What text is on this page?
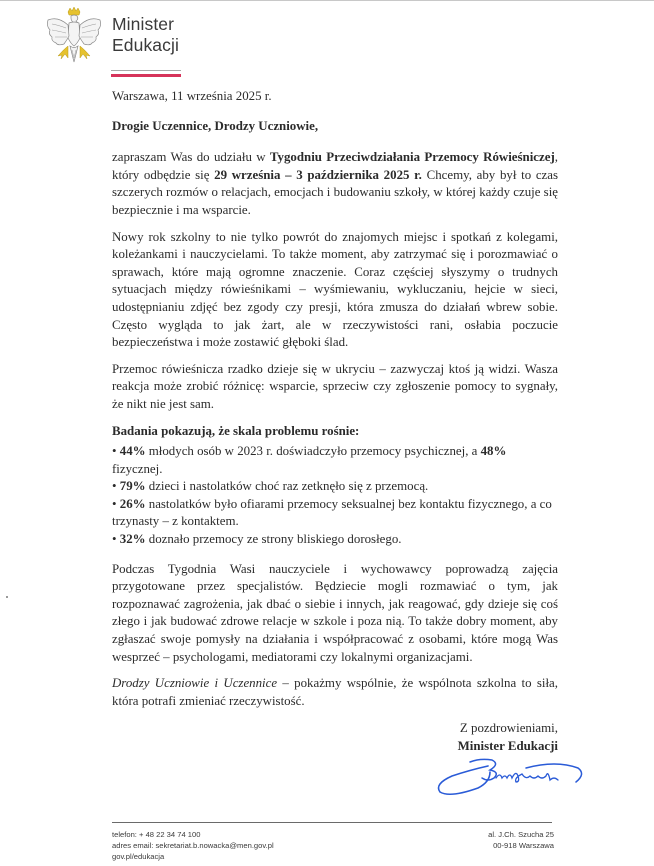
Minister
Edukacji

Warszawa, 11 września 2025 r.

Drogie Uczennice, Drodzy Uczniowie,

zapraszam Was do udziału w Tygodniu Przeciwdziałania Przemocy Rówieśniczej, który odbędzie się 29 września – 3 października 2025 r. Chcemy, aby był to czas szczerych rozmów o relacjach, emocjach i budowaniu szkoły, w której każdy czuje się bezpiecznie i ma wsparcie.

Nowy rok szkolny to nie tylko powrót do znajomych miejsc i spotkań z kolegami, koleżankami i nauczycielami. To także moment, aby zatrzymać się i porozmawiać o sprawach, które mają ogromne znaczenie. Coraz częściej słyszymy o trudnych sytuacjach między rówieśnikami – wyśmiewaniu, wykluczaniu, hejcie w sieci, udostępnianiu zdjęć bez zgody czy presji, która zmusza do działań wbrew sobie. Często wygląda to jak żart, ale w rzeczywistości rani, osłabia poczucie bezpieczeństwa i może zostawić głęboki ślad.

Przemoc rówieśnicza rzadko dzieje się w ukryciu – zazwyczaj ktoś ją widzi. Wasza reakcja może zrobić różnicę: wsparcie, sprzeciw czy zgłoszenie pomocy to sygnały, że nikt nie jest sam.

Badania pokazują, że skala problemu rośnie:

• 44% młodych osób w 2023 r. doświadczyło przemocy psychicznej, a 48% fizycznej.
• 79% dzieci i nastolatków choć raz zetknęło się z przemocą.
• 26% nastolatków było ofiarami przemocy seksualnej bez kontaktu fizycznego, a co trzynasty – z kontaktem.
• 32% doznało przemocy ze strony bliskiego dorosłego.

Podczas Tygodnia Wasi nauczyciele i wychowawcy poprowadzą zajęcia przygotowane przez specjalistów. Będziecie mogli rozmawiać o tym, jak rozpoznawać zagrożenia, jak dbać o siebie i innych, jak reagować, gdy dzieje się coś złego i jak budować zdrowe relacje w szkole i poza nią. To także dobry moment, aby zgłaszać swoje pomysły na działania i współpracować z osobami, które mogą Was wesprzeć – psychologami, mediatorami czy lokalnymi organizacjami.

Drodzy Uczniowie i Uczennice – pokażmy wspólnie, że wspólnota szkolna to siła, która potrafi zmieniać rzeczywistość.

Z pozdrowieniami,

Minister Edukacji

telefon: + 48 22 34 74 100
adres email: sekretariat.b.nowacka@men.gov.pl
gov.pl/edukacja
al. J.Ch. Szucha 25
00-918 Warszawa
